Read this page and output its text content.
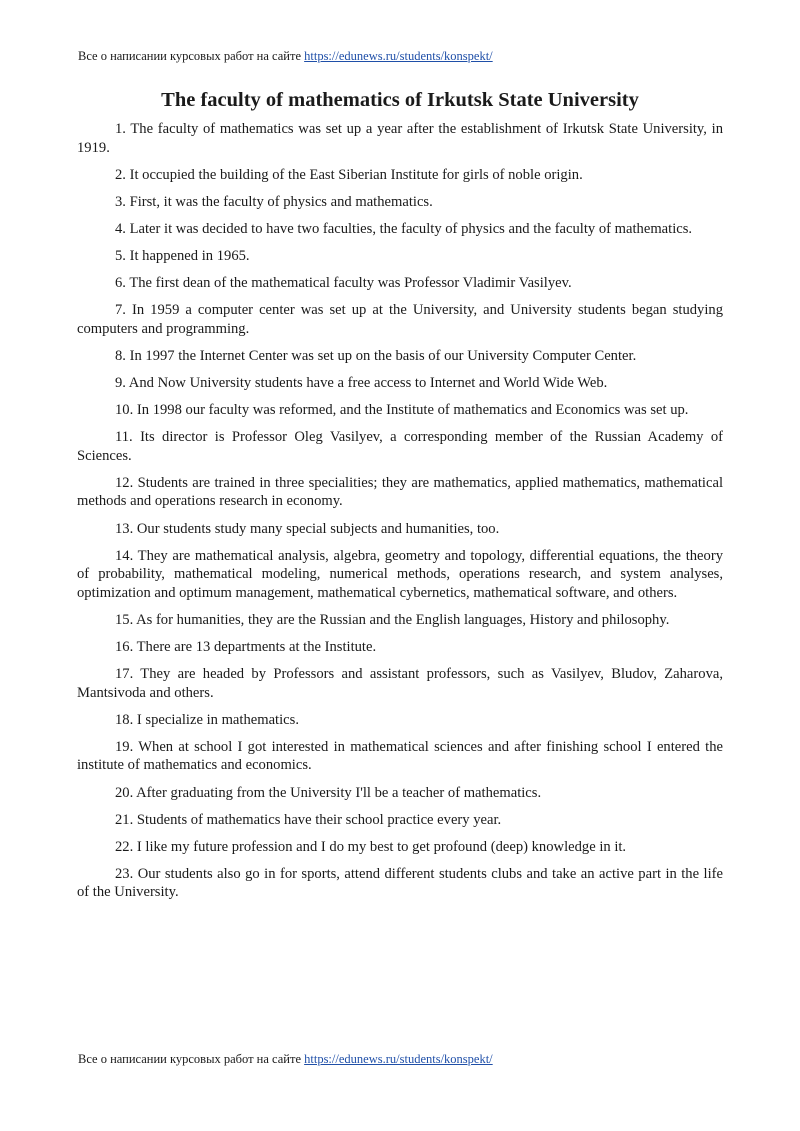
Все о написании курсовых работ на сайте https://edunews.ru/students/konspekt/
The faculty of mathematics of Irkutsk State University

1. The faculty of mathematics was set up a year after the establishment of Irkutsk State University, in 1919.

2. It occupied the building of the East Siberian Institute for girls of noble origin.

3. First, it was the faculty of physics and mathematics.

4. Later it was decided to have two faculties, the faculty of physics and the faculty of mathematics.

5. It happened in 1965.

6. The first dean of the mathematical faculty was Professor Vladimir Vasilyev.

7. In 1959 a computer center was set up at the University, and University students began studying computers and programming.

8. In 1997 the Internet Center was set up on the basis of our University Computer Center.

9. And Now University students have a free access to Internet and World Wide Web.

10. In 1998 our faculty was reformed, and the Institute of mathematics and Economics was set up.

11. Its director is Professor Oleg Vasilyev, a corresponding member of the Russian Academy of Sciences.

12. Students are trained in three specialities; they are mathematics, applied mathematics, mathematical methods and operations research in economy.

13. Our students study many special subjects and humanities, too.

14. They are mathematical analysis, algebra, geometry and topology, differential equations, the theory of probability, mathematical modeling, numerical methods, operations research, and system analyses, optimization and optimum management, mathematical cybernetics, mathematical software, and others.

15. As for humanities, they are the Russian and the English languages, History and philosophy.

16. There are 13 departments at the Institute.

17. They are headed by Professors and assistant professors, such as Vasilyev, Bludov, Zaharova, Mantsivoda and others.

18. I specialize in mathematics.

19. When at school I got interested in mathematical sciences and after finishing school I entered the institute of mathematics and economics.

20. After graduating from the University I'll be a teacher of mathematics.

21. Students of mathematics have their school practice every year.

22. I like my future profession and I do my best to get profound (deep) knowledge in it.

23. Our students also go in for sports, attend different students clubs and take an active part in the life of the University.

Все о написании курсовых работ на сайте https://edunews.ru/students/konspekt/
